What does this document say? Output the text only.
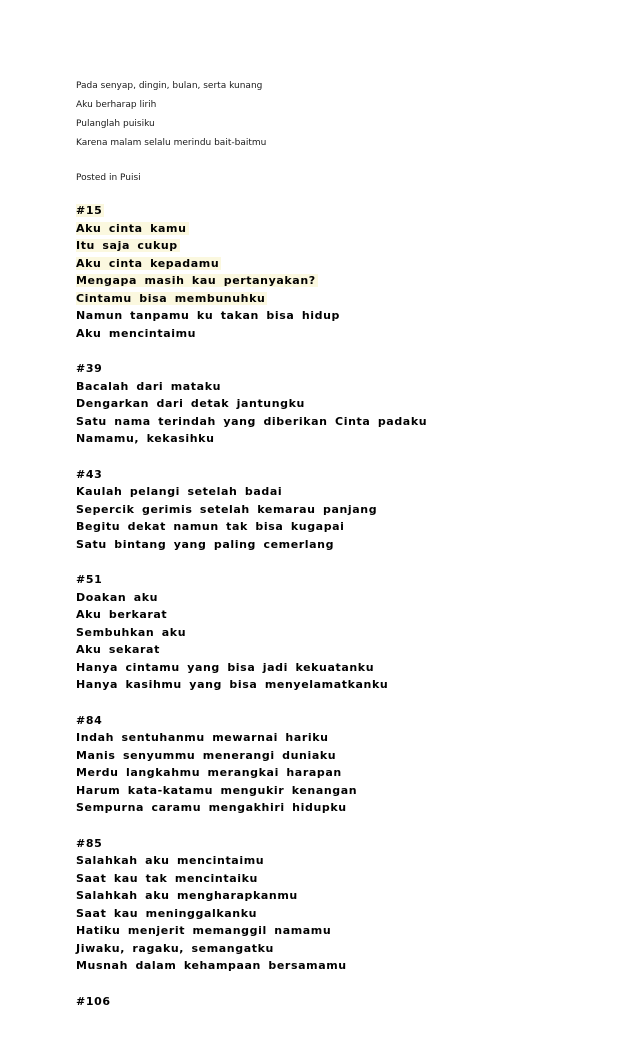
Pada senyap, dingin, bulan, serta kunang

Aku berharap lirih

Pulanglah puisiku

Karena malam selalu merindu bait-baitmu

Posted in Puisi

#15
Aku cinta kamu
Itu saja cukup
Aku cinta kepadamu
Mengapa masih kau pertanyakan?
Cintamu bisa membunuhku
Namun tanpamu ku takan bisa hidup
Aku mencintaimu
#39
Bacalah dari mataku
Dengarkan dari detak jantungku
Satu nama terindah yang diberikan Cinta padaku
Namamu, kekasihku
#43
Kaulah pelangi setelah badai
Sepercik gerimis setelah kemarau panjang
Begitu dekat namun tak bisa kugapai
Satu bintang yang paling cemerlang
#51
Doakan aku
Aku berkarat
Sembuhkan aku
Aku sekarat
Hanya cintamu yang bisa jadi kekuatanku
Hanya kasihmu yang bisa menyelamatkanku
#84
Indah sentuhanmu mewarnai hariku
Manis senyummu menerangi duniaku
Merdu langkahmu merangkai harapan
Harum kata-katamu mengukir kenangan
Sempurna caramu mengakhiri hidupku
#85
Salahkah aku mencintaimu
Saat kau tak mencintaiku
Salahkah aku mengharapkanmu
Saat kau meninggalkanku
Hatiku menjerit memanggil namamu
Jiwaku, ragaku, semangatku
Musnah dalam kehampaan bersamamu
#106
